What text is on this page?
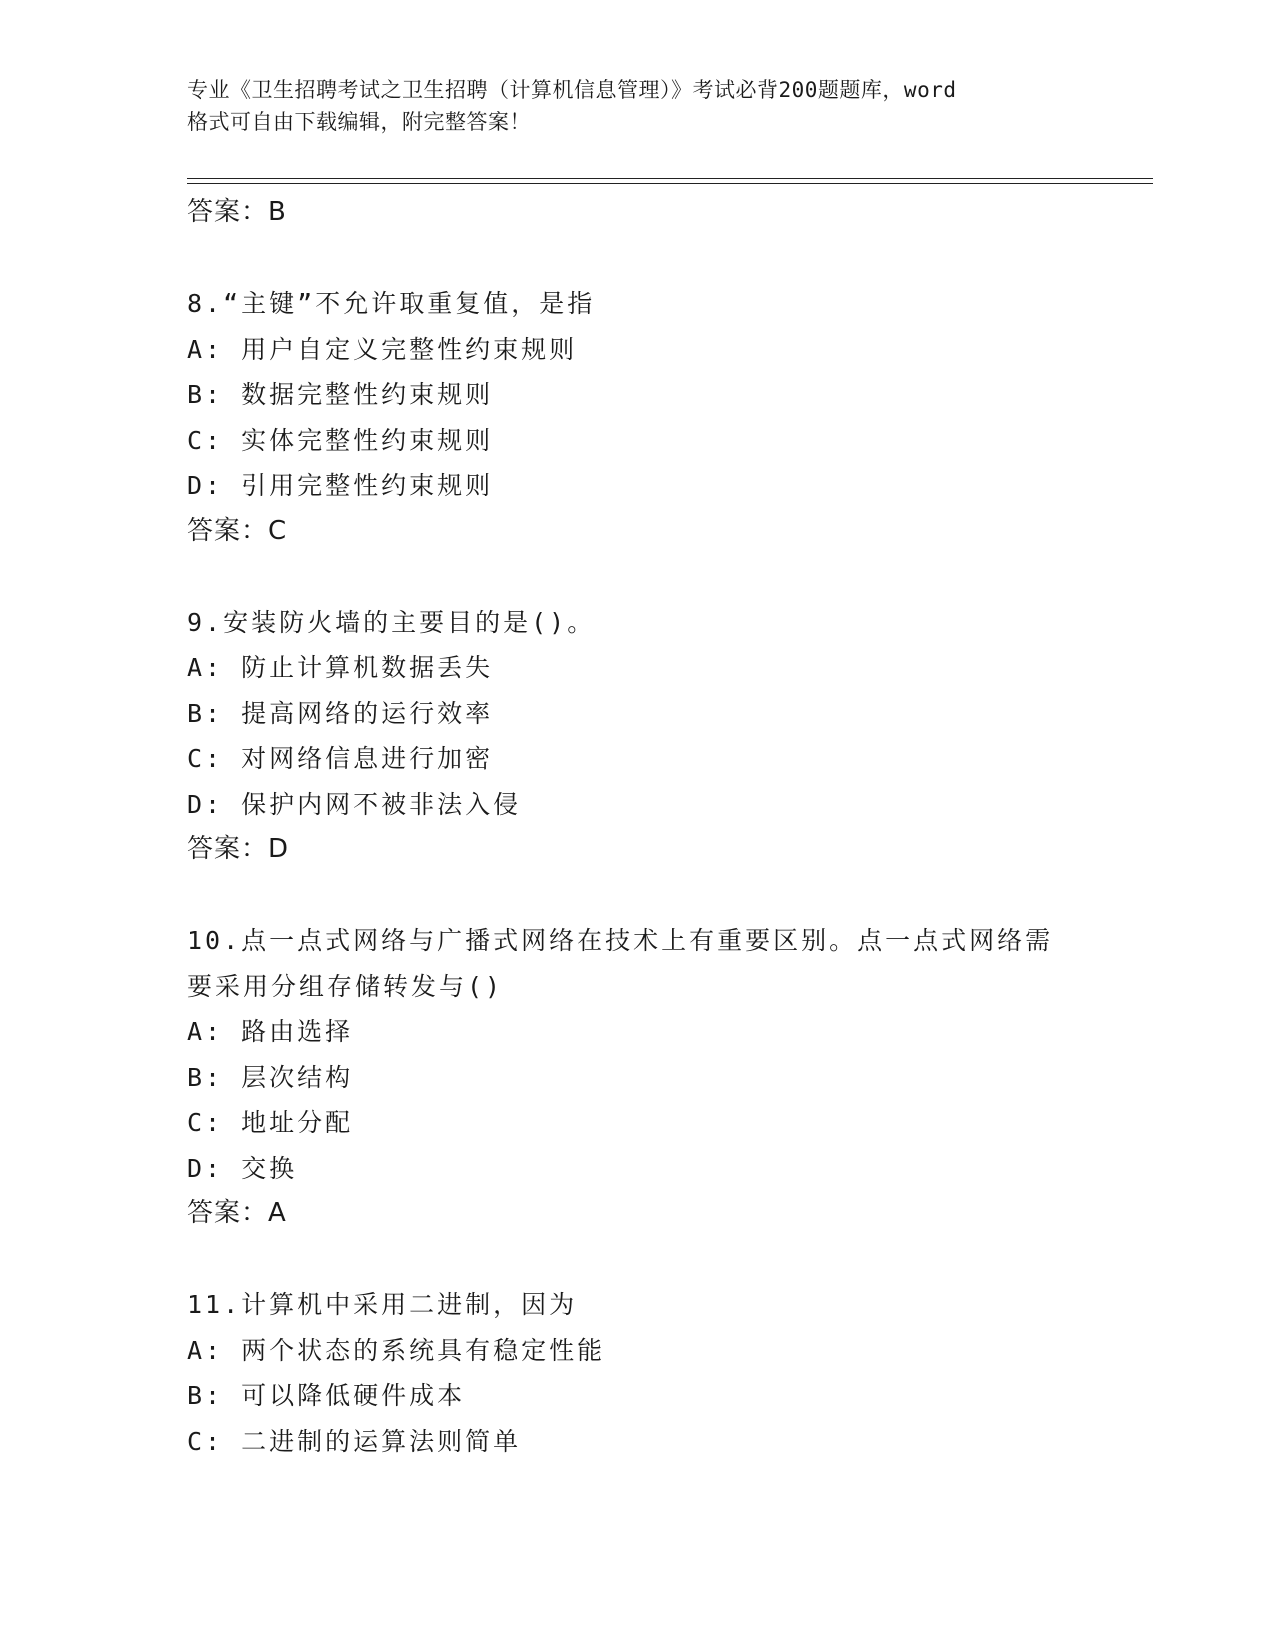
专业《卫生招聘考试之卫生招聘（计算机信息管理）》考试必背200题题库，word
格式可自由下载编辑，附完整答案！
答案：B
8.“主键”不允许取重复值，是指
A: 用户自定义完整性约束规则
B: 数据完整性约束规则
C: 实体完整性约束规则
D: 引用完整性约束规则
答案：C
9.安装防火墙的主要目的是()。
A: 防止计算机数据丢失
B: 提高网络的运行效率
C: 对网络信息进行加密
D: 保护内网不被非法入侵
答案：D
10.点一点式网络与广播式网络在技术上有重要区别。点一点式网络需
要采用分组存储转发与()
A: 路由选择
B: 层次结构
C: 地址分配
D: 交换
答案：A
11.计算机中采用二进制，因为
A: 两个状态的系统具有稳定性能
B: 可以降低硬件成本
C: 二进制的运算法则简单
